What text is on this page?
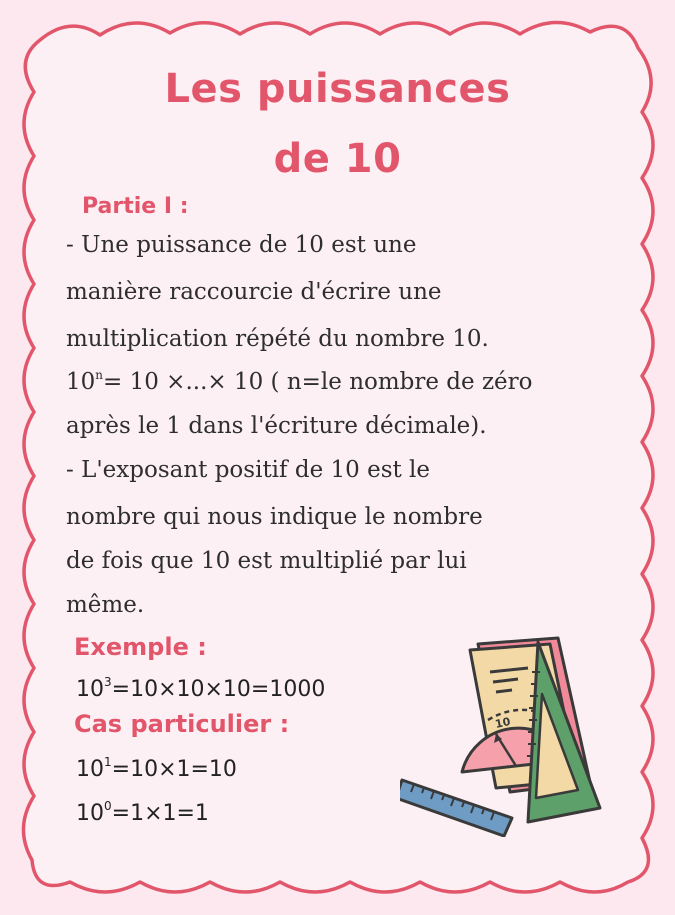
Les puissances
de 10
Partie I :
- Une puissance de 10 est une
manière raccourcie d'écrire une
multiplication répété du nombre 10.
$10^n= 10$ ×...× 10 ( n=le nombre de zéro
après le 1 dans l'écriture décimale).
- L'exposant positif de 10 est le
nombre qui nous indique le nombre
de fois que 10 est multiplié par lui
même.
Exemple :
$10^3=10\times 10\times 10=1000$
Cas particulier :
$10^1=10\times 1=10$
$10^0=1\times 1=1$
10
